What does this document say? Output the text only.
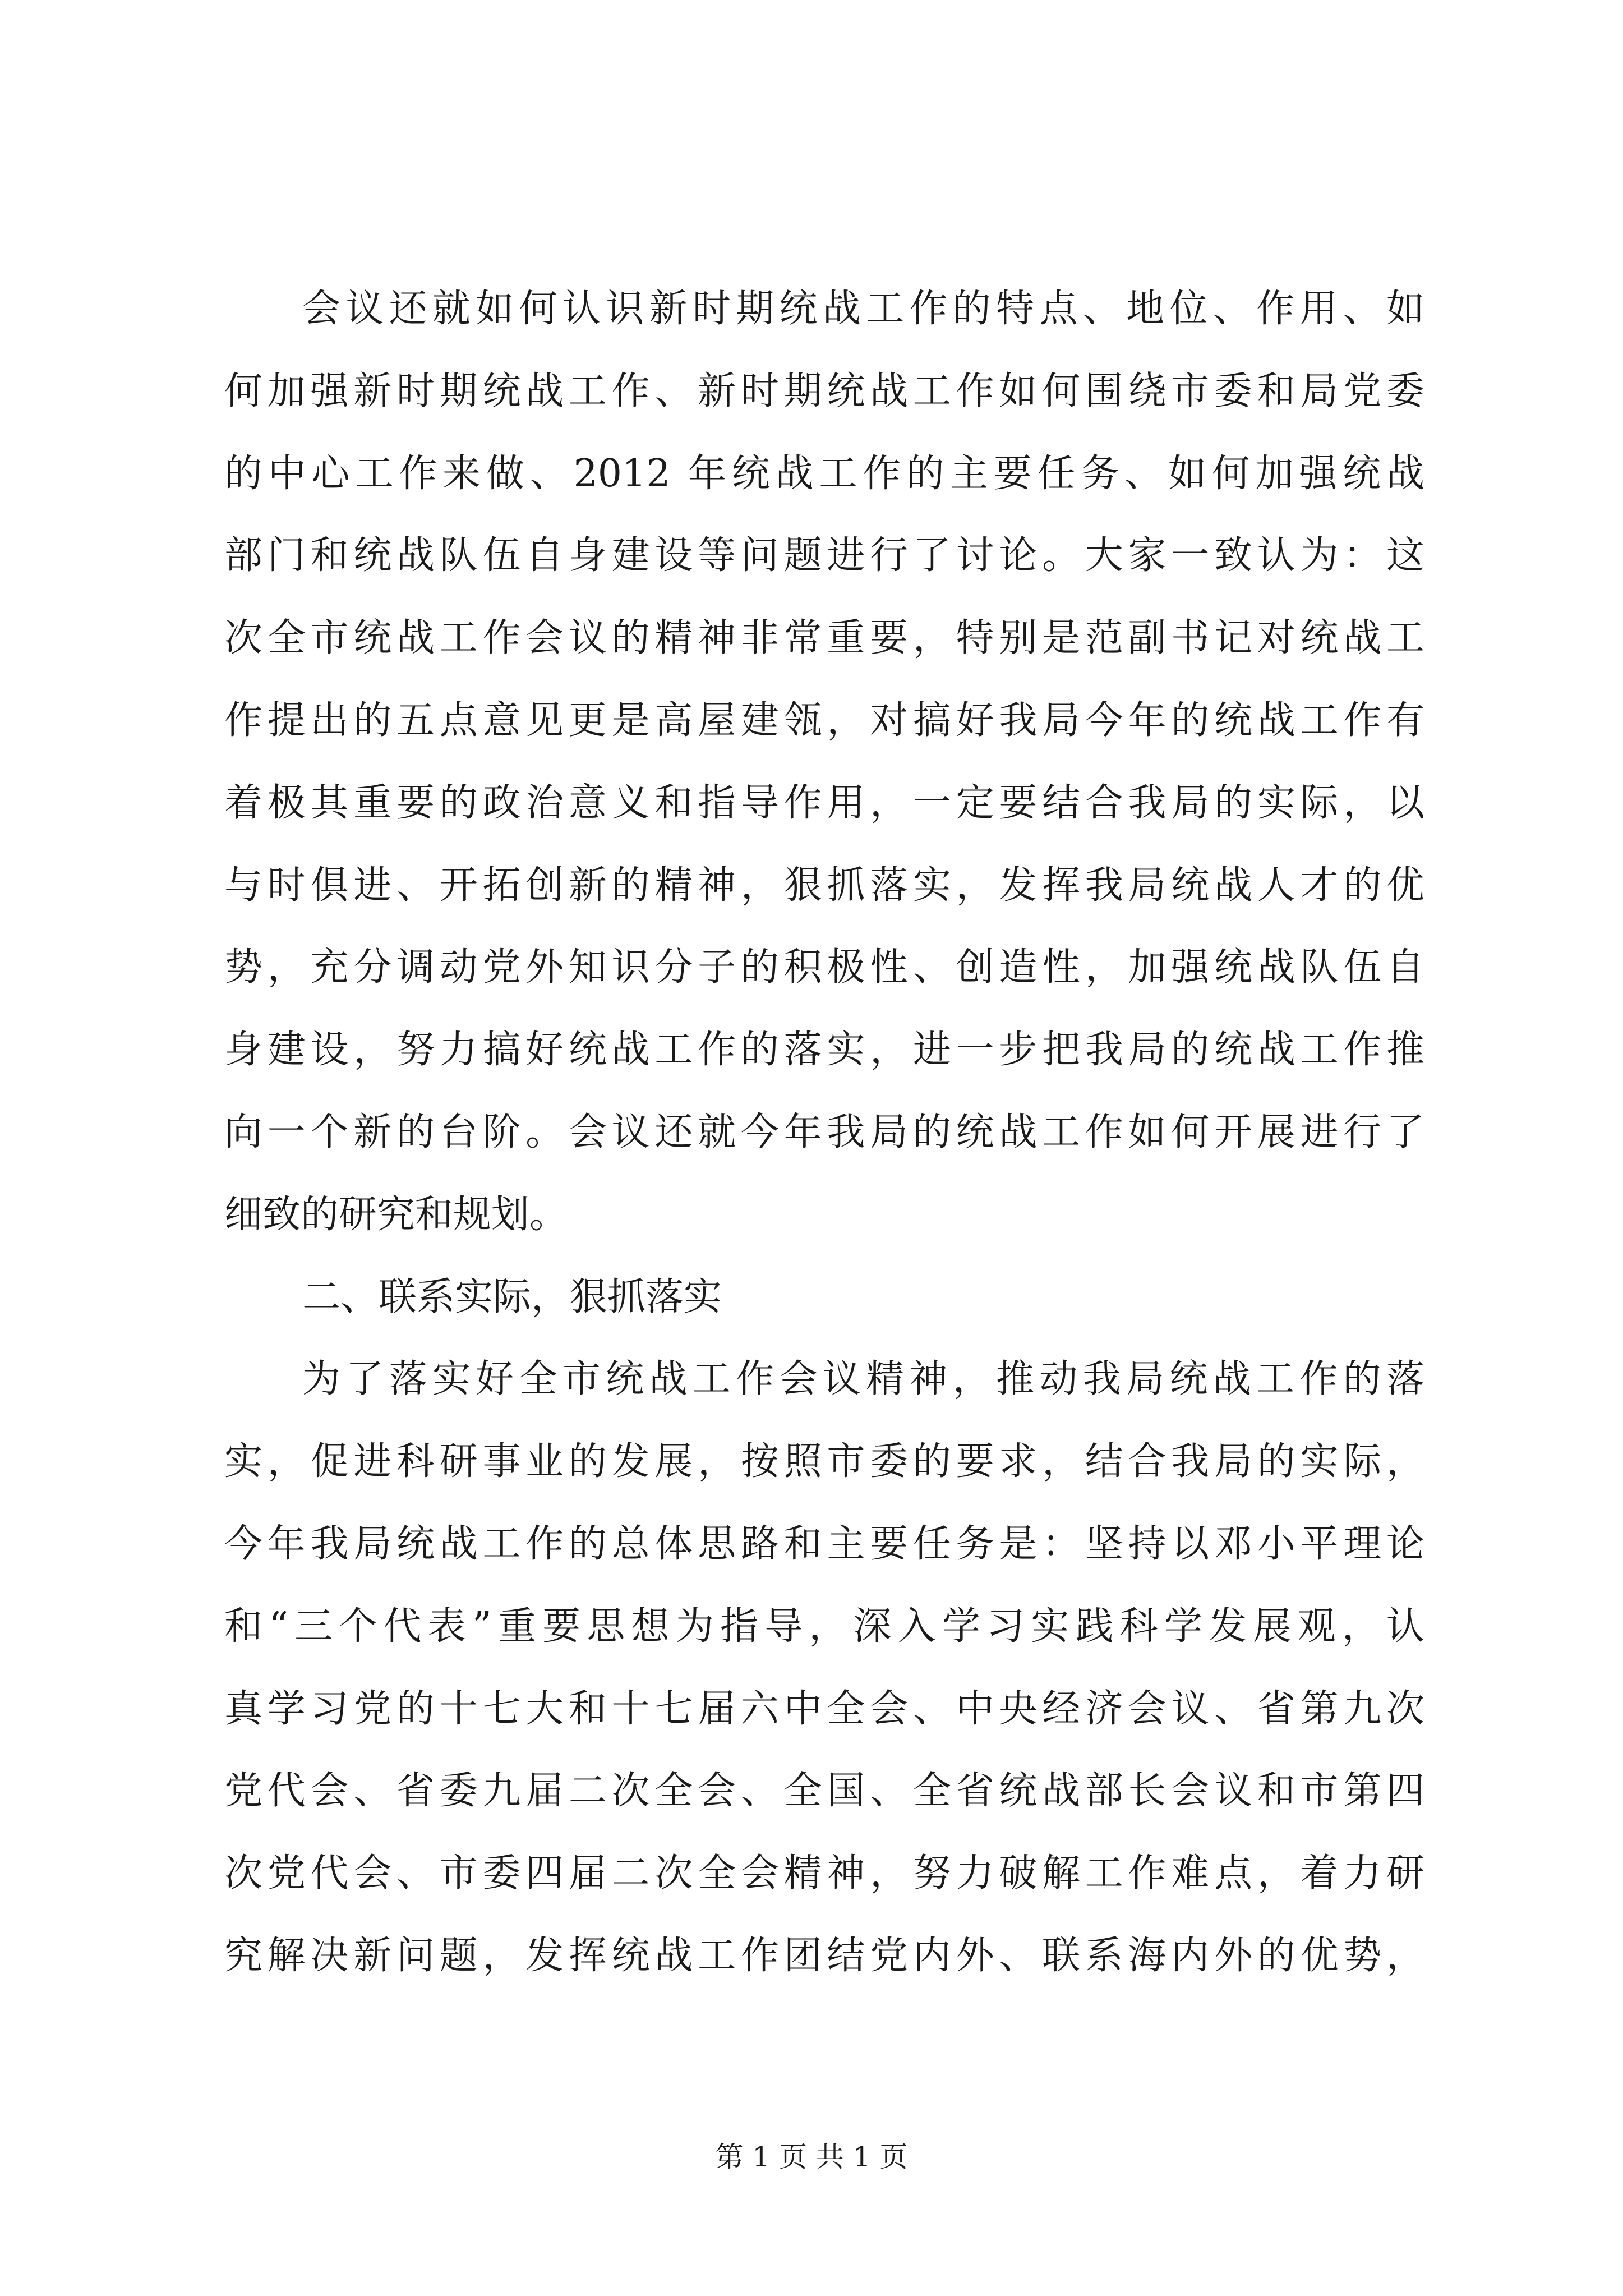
会议还就如何认识新时期统战工作的特点、地位、作用、如
何加强新时期统战工作、新时期统战工作如何围绕市委和局党委
的中心工作来做、2012 年统战工作的主要任务、如何加强统战
部门和统战队伍自身建设等问题进行了讨论。大家一致认为：这
次全市统战工作会议的精神非常重要，特别是范副书记对统战工
作提出的五点意见更是高屋建瓴，对搞好我局今年的统战工作有
着极其重要的政治意义和指导作用，一定要结合我局的实际，以
与时俱进、开拓创新的精神，狠抓落实，发挥我局统战人才的优
势，充分调动党外知识分子的积极性、创造性，加强统战队伍自
身建设，努力搞好统战工作的落实，进一步把我局的统战工作推
向一个新的台阶。会议还就今年我局的统战工作如何开展进行了
细致的研究和规划。
二、联系实际，狠抓落实
为了落实好全市统战工作会议精神，推动我局统战工作的落
实，促进科研事业的发展，按照市委的要求，结合我局的实际，
今年我局统战工作的总体思路和主要任务是：坚持以邓小平理论
和“三个代表”重要思想为指导，深入学习实践科学发展观，认
真学习党的十七大和十七届六中全会、中央经济会议、省第九次
党代会、省委九届二次全会、全国、全省统战部长会议和市第四
次党代会、市委四届二次全会精神，努力破解工作难点，着力研
究解决新问题，发挥统战工作团结党内外、联系海内外的优势，
第 1 页 共 1 页
